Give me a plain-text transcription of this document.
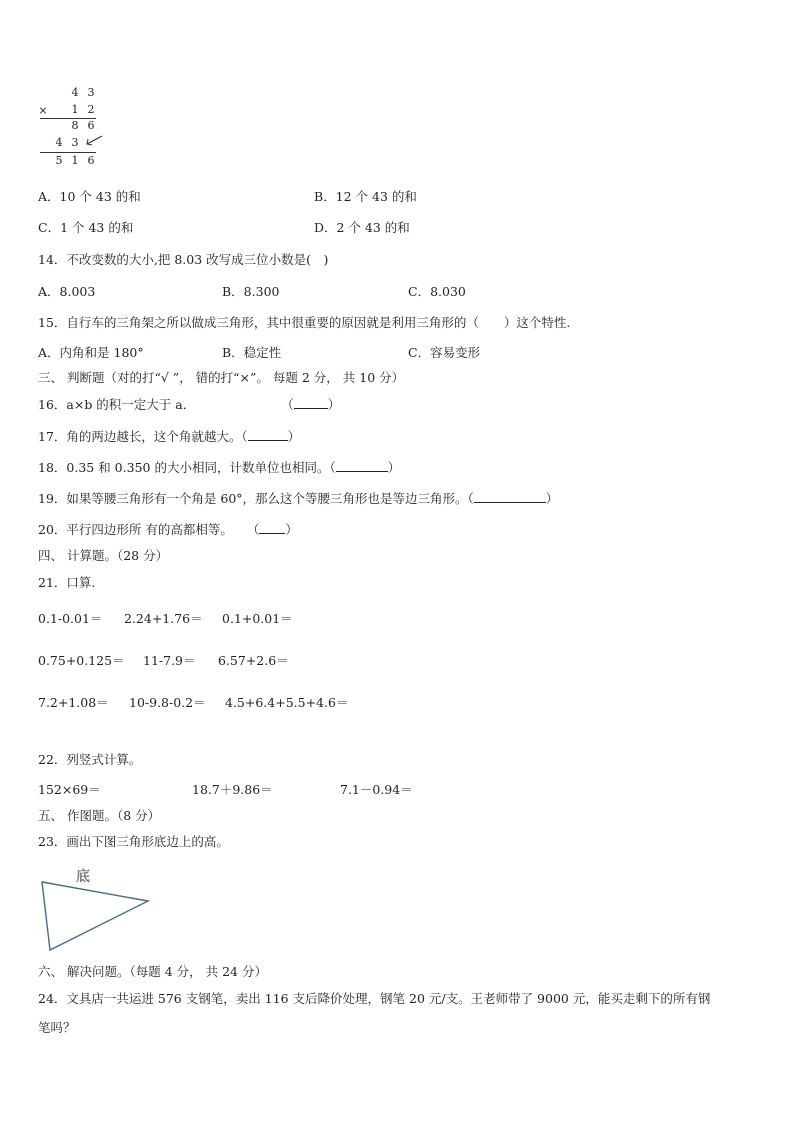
4 3
× 1 2
8 6
4 3
5 1 6
A．10 个 43 的和	B．12 个 43 的和
C．1 个 43 的和	D．2 个 43 的和
14．不改变数的大小,把 8.03 改写成三位小数是(　)
A．8.003	B．8.300	C．8.030
15．自行车的三角架之所以做成三角形，其中很重要的原因就是利用三角形的（　　）这个特性.
A．内角和是 180°	B．稳定性	C．容易变形
三、 判断题（对的打“√ ”， 错的打“×”。 每题 2 分， 共 10 分）
16．a×b 的积一定大于 a．	（	）
17．角的两边越长，这个角就越大。（	）
18．0.35 和 0.350 的大小相同，计数单位也相同。（	）
19．如果等腰三角形有一个角是 60°，那么这个等腰三角形也是等边三角形。（	）
20．平行四边形所 有的高都相等。 （ ）
四、 计算题。（28 分）
21．口算.
0.1-0.01＝ 2.24+1.76＝ 0.1+0.01＝
0.75+0.125＝ 11-7.9＝ 6.57+2.6＝
7.2+1.08＝ 10-9.8-0.2＝ 4.5+6.4+5.5+4.6＝
22．列竖式计算。
152×69＝	18.7＋9.86＝	7.1－0.94＝
五、 作图题。（8 分）
23．画出下图三角形底边上的高。
底
六、 解决问题。（每题 4 分， 共 24 分）
24．文具店一共运进 576 支钢笔，卖出 116 支后降价处理，钢笔 20 元/支。王老师带了 9000 元，能买走剩下的所有钢
笔吗？
